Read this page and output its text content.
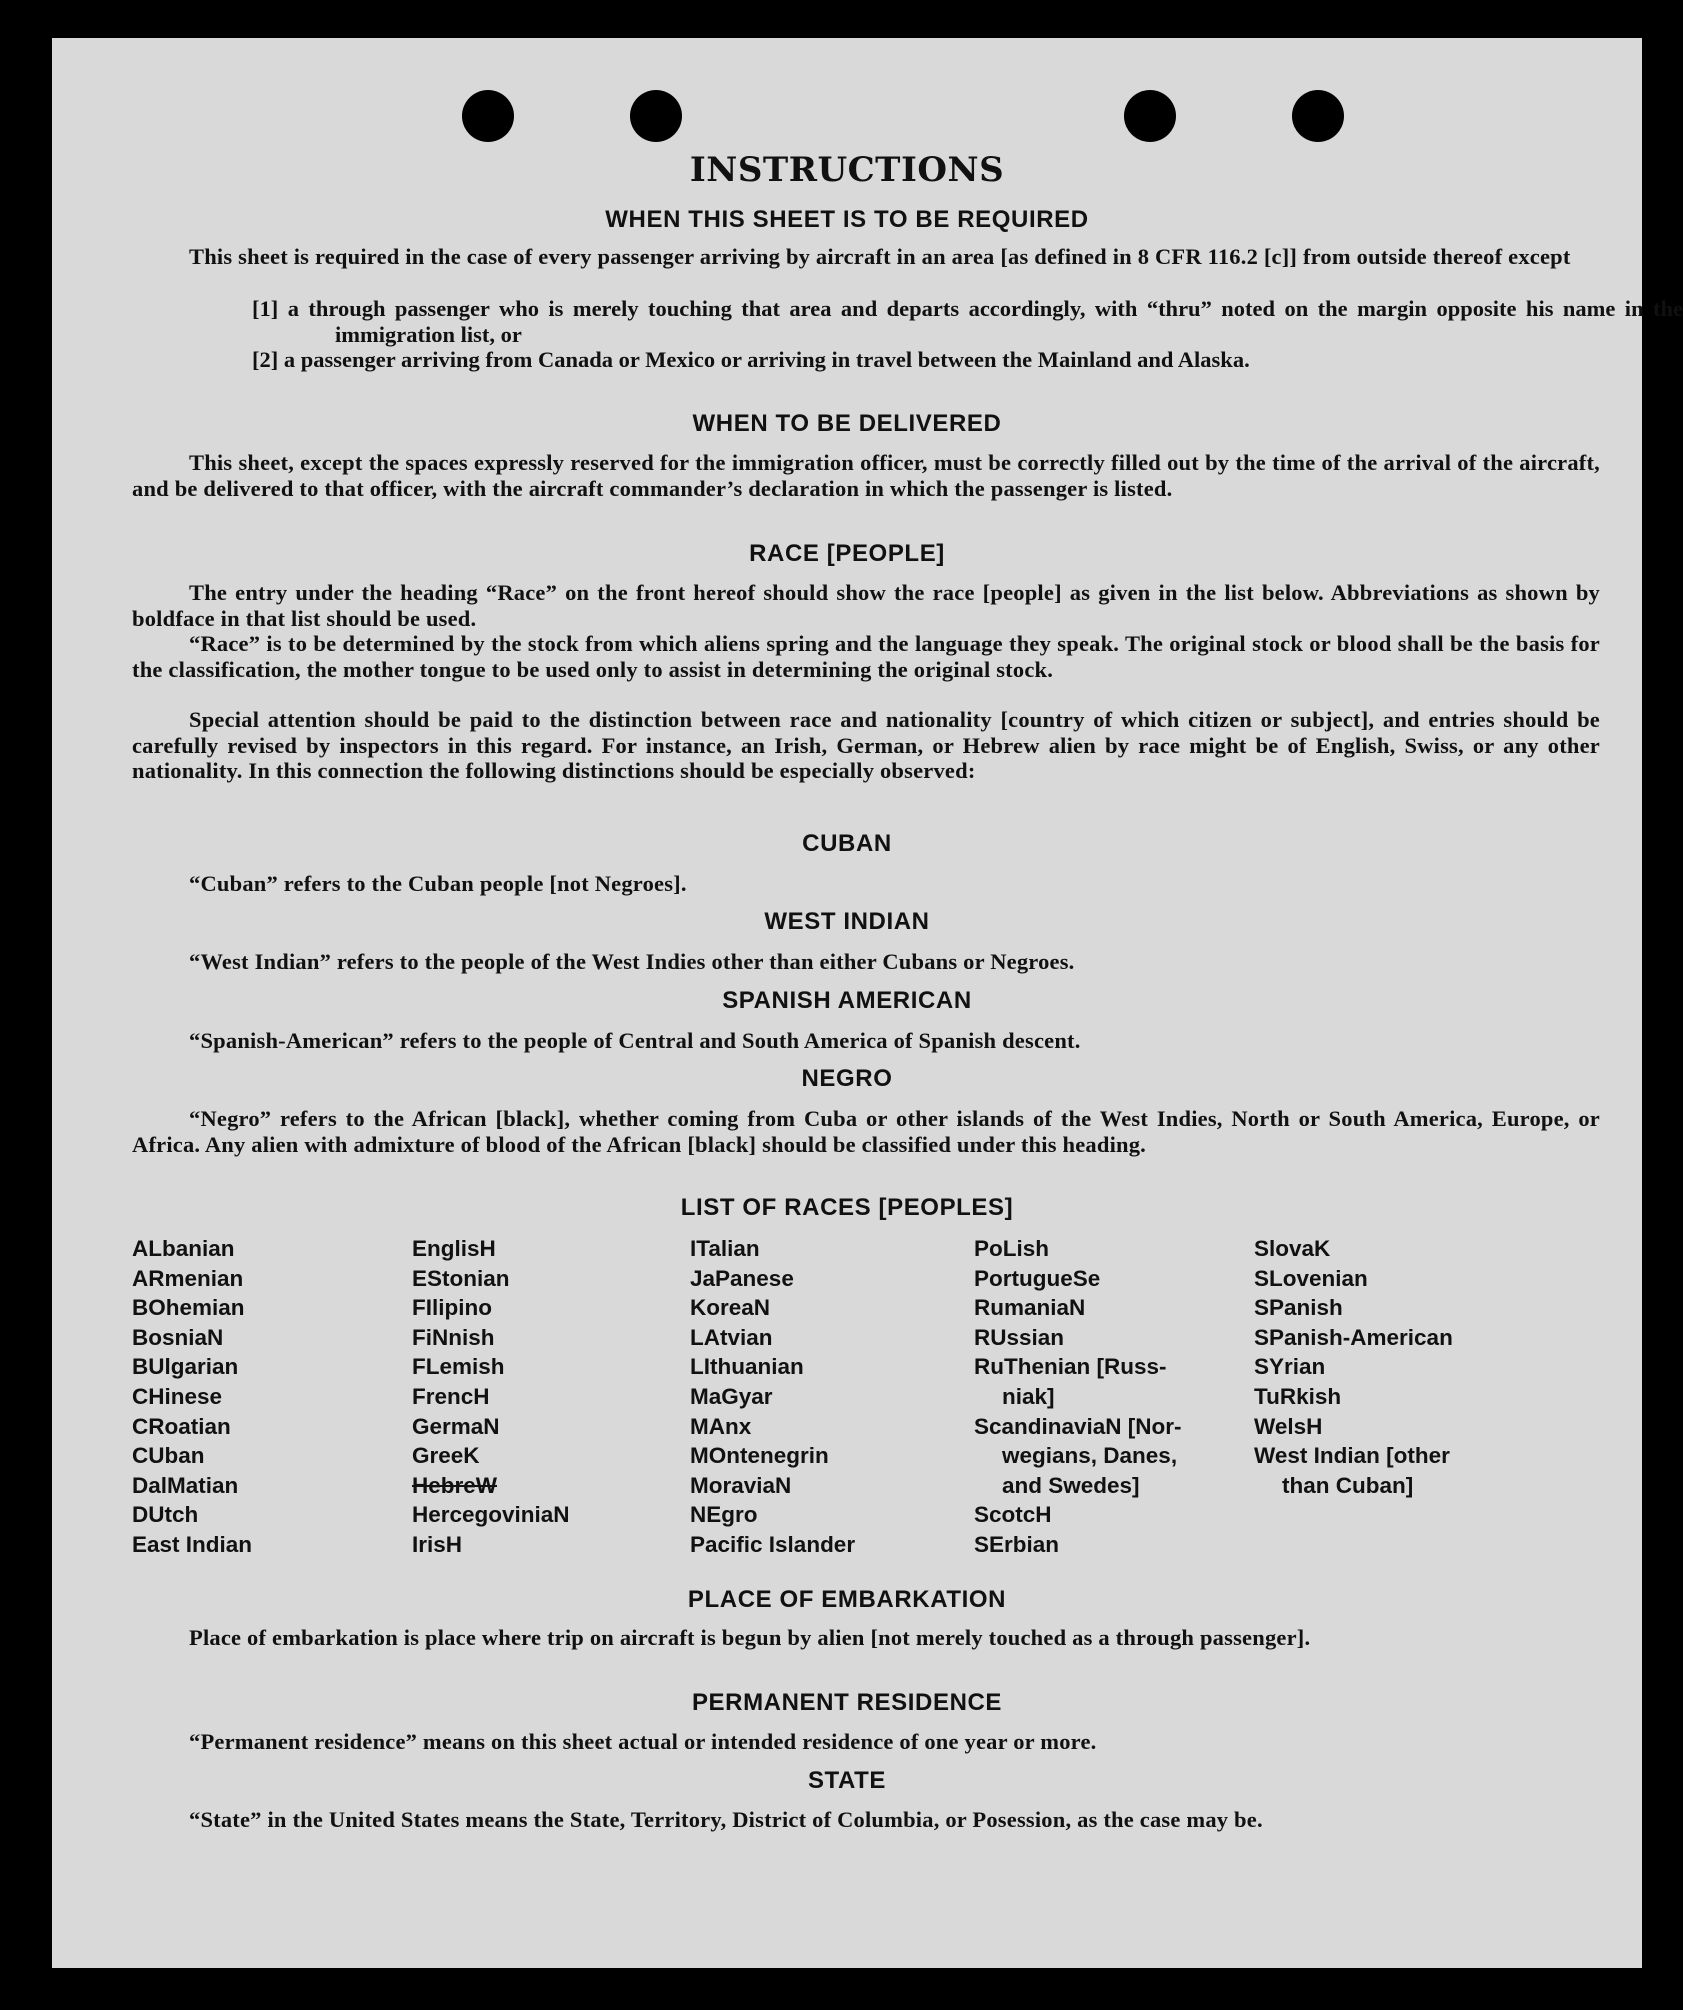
INSTRUCTIONS
WHEN THIS SHEET IS TO BE REQUIRED
This sheet is required in the case of every passenger arriving by aircraft in an area [as defined in 8 CFR 116.2 [c]] from outside thereof except
[1] a through passenger who is merely touching that area and departs accordingly, with “thru” noted on the margin opposite his name in the immigration list, or
[2] a passenger arriving from Canada or Mexico or arriving in travel between the Mainland and Alaska.
WHEN TO BE DELIVERED
This sheet, except the spaces expressly reserved for the immigration officer, must be correctly filled out by the time of the arrival of the aircraft, and be delivered to that officer, with the aircraft commander’s declaration in which the passenger is listed.
RACE [PEOPLE]
The entry under the heading “Race” on the front hereof should show the race [people] as given in the list below. Abbreviations as shown by boldface in that list should be used.
“Race” is to be determined by the stock from which aliens spring and the language they speak. The original stock or blood shall be the basis for the classification, the mother tongue to be used only to assist in determining the original stock.
Special attention should be paid to the distinction between race and nationality [country of which citizen or subject], and entries should be carefully revised by inspectors in this regard. For instance, an Irish, German, or Hebrew alien by race might be of English, Swiss, or any other nationality. In this connection the following distinctions should be especially observed:
CUBAN
“Cuban” refers to the Cuban people [not Negroes].
WEST INDIAN
“West Indian” refers to the people of the West Indies other than either Cubans or Negroes.
SPANISH AMERICAN
“Spanish-American” refers to the people of Central and South America of Spanish descent.
NEGRO
“Negro” refers to the African [black], whether coming from Cuba or other islands of the West Indies, North or South America, Europe, or Africa. Any alien with admixture of blood of the African [black] should be classified under this heading.
LIST OF RACES [PEOPLES]
ALbanian
ARmenian
BOhemian
BosniaN
BUlgarian
CHinese
CRoatian
CUban
DalMatian
DUtch
East Indian
EnglisH
EStonian
FIlipino
FiNnish
FLemish
FrencH
GermaN
GreeK
HebreW
HercegoviniaN
IrisH
ITalian
JaPanese
KoreaN
LAtvian
LIthuanian
MaGyar
MAnx
MOntenegrin
MoraviaN
NEgro
Pacific Islander
PoLish
PortugueSe
RumaniaN
RUssian
RuThenian [Russ-
niak]
ScandinaviaN [Nor-
wegians, Danes,
and Swedes]
ScotcH
SErbian
SlovaK
SLovenian
SPanish
SPanish-American
SYrian
TuRkish
WelsH
West Indian [other
than Cuban]
PLACE OF EMBARKATION
Place of embarkation is place where trip on aircraft is begun by alien [not merely touched as a through passenger].
PERMANENT RESIDENCE
“Permanent residence” means on this sheet actual or intended residence of one year or more.
STATE
“State” in the United States means the State, Territory, District of Columbia, or Posession, as the case may be.
